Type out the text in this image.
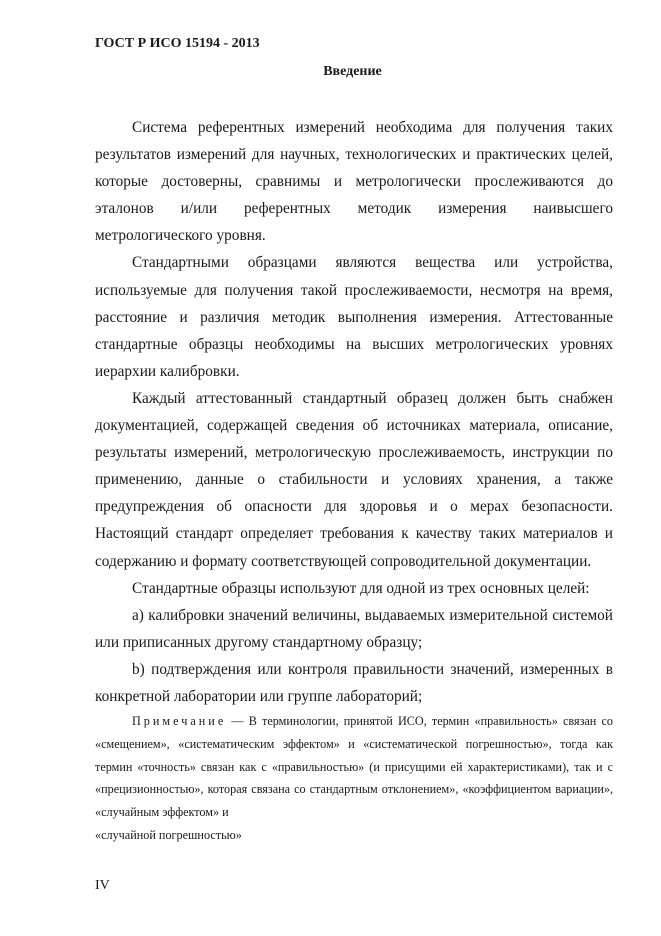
ГОСТ Р ИСО 15194 - 2013
Введение

Система референтных измерений необходима для получения таких результатов измерений для научных, технологических и практических целей, которые достоверны, сравнимы и метрологически прослеживаются до эталонов и/или референтных методик измерения наивысшего метрологического уровня.

Стандартными образцами являются вещества или устройства, используемые для получения такой прослеживаемости, несмотря на время, расстояние и различия методик выполнения измерения. Аттестованные стандартные образцы необходимы на высших метрологических уровнях иерархии калибровки.

Каждый аттестованный стандартный образец должен быть снабжен документацией, содержащей сведения об источниках материала, описание, результаты измерений, метрологическую прослеживаемость, инструкции по применению, данные о стабильности и условиях хранения, а также предупреждения об опасности для здоровья и о мерах безопасности. Настоящий стандарт определяет требования к качеству таких материалов и содержанию и формату соответствующей сопроводительной документации.

Стандартные образцы используют для одной из трех основных целей:

а) калибровки значений величины, выдаваемых измерительной системой или приписанных другому стандартному образцу;

b) подтверждения или контроля правильности значений, измеренных в конкретной лаборатории или группе лабораторий;

Примечание — В терминологии, принятой ИСО, термин «правильность» связан со «смещением», «систематическим эффектом» и «систематической погрешностью», тогда как термин «точность» связан как с «правильностью» (и присущими ей характеристиками), так и с «прецизионностью», которая связана со стандартным отклонением», «коэффициентом вариации», «случайным эффектом» и
«случайной погрешностью»
IV
